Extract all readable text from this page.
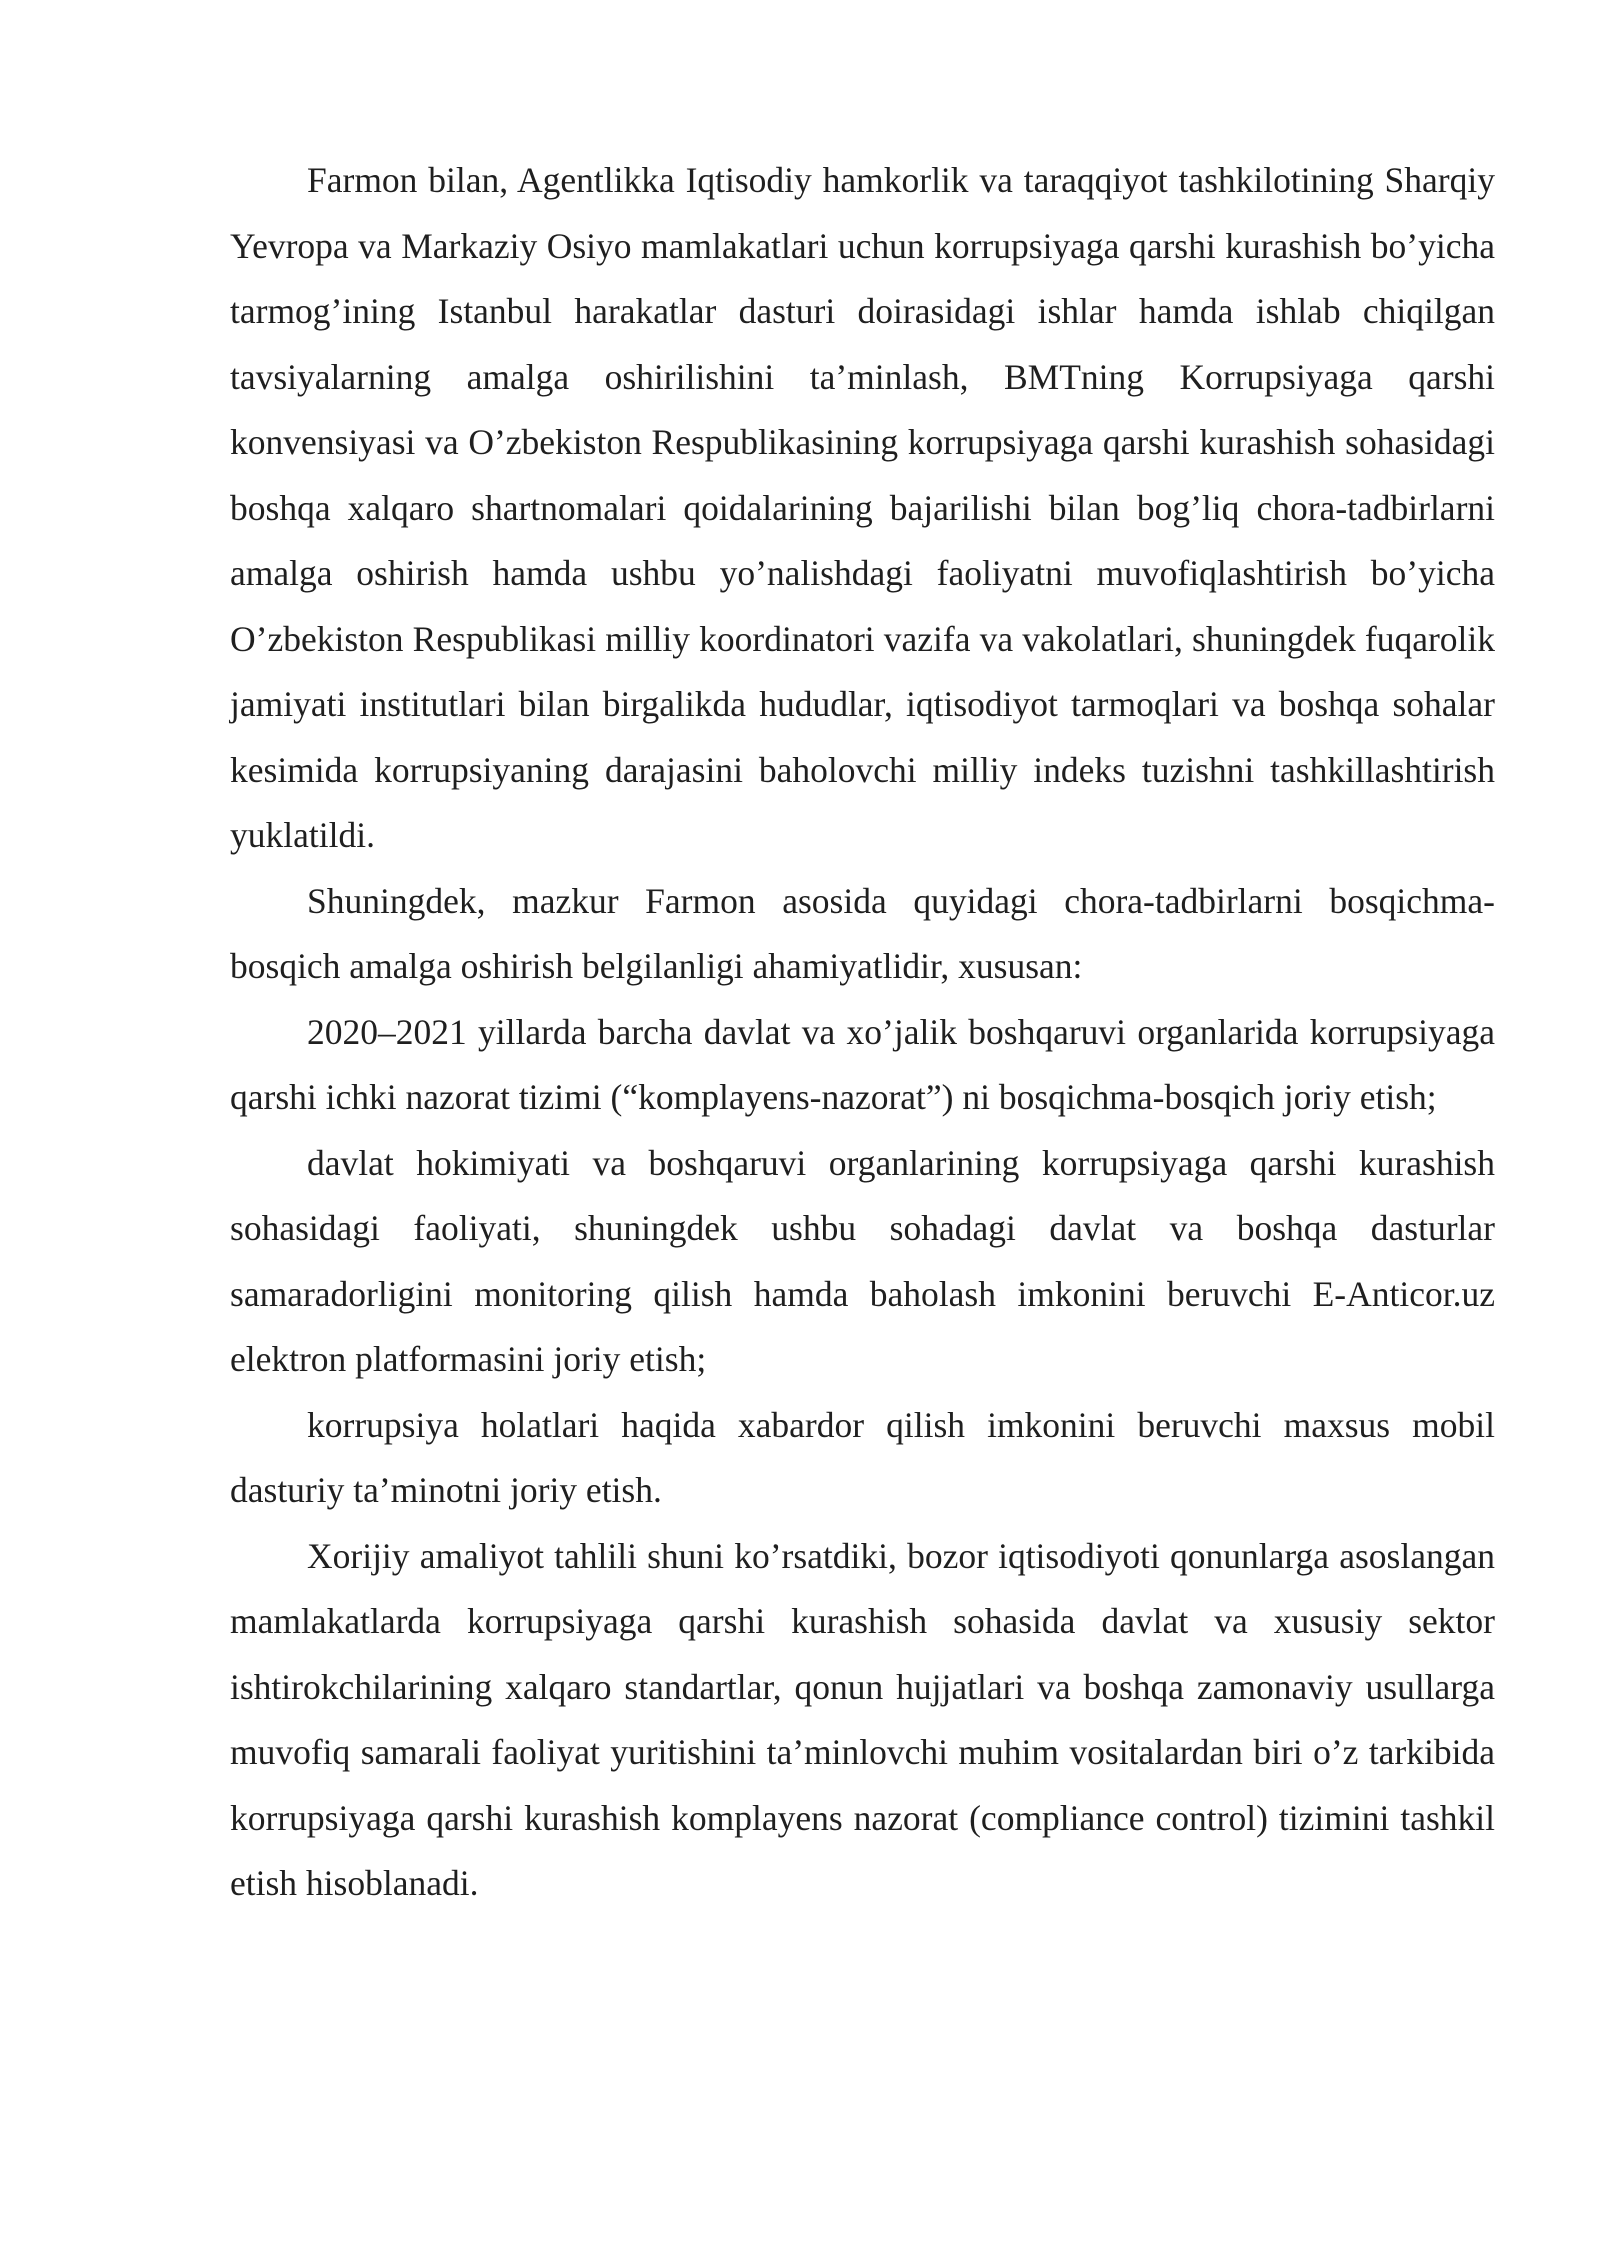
Farmon bilan, Agentlikka Iqtisodiy hamkorlik va taraqqiyot tashkilotining Sharqiy Yevropa va Markaziy Osiyo mamlakatlari uchun korrupsiyaga qarshi kurashish bo’yicha tarmog’ining Istanbul harakatlar dasturi doirasidagi ishlar hamda ishlab chiqilgan tavsiyalarning amalga oshirilishini ta’minlash, BMTning Korrupsiyaga qarshi konvensiyasi va O’zbekiston Respublikasining korrupsiyaga qarshi kurashish sohasidagi boshqa xalqaro shartnomalari qoidalarining bajarilishi bilan bog’liq chora-tadbirlarni amalga oshirish hamda ushbu yo’nalishdagi faoliyatni muvofiqlashtirish bo’yicha O’zbekiston Respublikasi milliy koordinatori vazifa va vakolatlari, shuningdek fuqarolik jamiyati institutlari bilan birgalikda hududlar, iqtisodiyot tarmoqlari va boshqa sohalar kesimida korrupsiyaning darajasini baholovchi milliy indeks tuzishni tashkillashtirish yuklatildi.

Shuningdek, mazkur Farmon asosida quyidagi chora-tadbirlarni bosqichma-bosqich amalga oshirish belgilanligi ahamiyatlidir, xususan:

2020–2021 yillarda barcha davlat va xo’jalik boshqaruvi organlarida korrupsiyaga qarshi ichki nazorat tizimi (“komplayens-nazorat”) ni bosqichma-bosqich joriy etish;

davlat hokimiyati va boshqaruvi organlarining korrupsiyaga qarshi kurashish sohasidagi faoliyati, shuningdek ushbu sohadagi davlat va boshqa dasturlar samaradorligini monitoring qilish hamda baholash imkonini beruvchi E-Anticor.uz elektron platformasini joriy etish;

korrupsiya holatlari haqida xabardor qilish imkonini beruvchi maxsus mobil dasturiy ta’minotni joriy etish.

Xorijiy amaliyot tahlili shuni ko’rsatdiki, bozor iqtisodiyoti qonunlarga asoslangan mamlakatlarda korrupsiyaga qarshi kurashish sohasida davlat va xususiy sektor ishtirokchilarining xalqaro standartlar, qonun hujjatlari va boshqa zamonaviy usullarga muvofiq samarali faoliyat yuritishini ta’minlovchi muhim vositalardan biri o’z tarkibida korrupsiyaga qarshi kurashish komplayens nazorat (compliance control) tizimini tashkil etish hisoblanadi.
